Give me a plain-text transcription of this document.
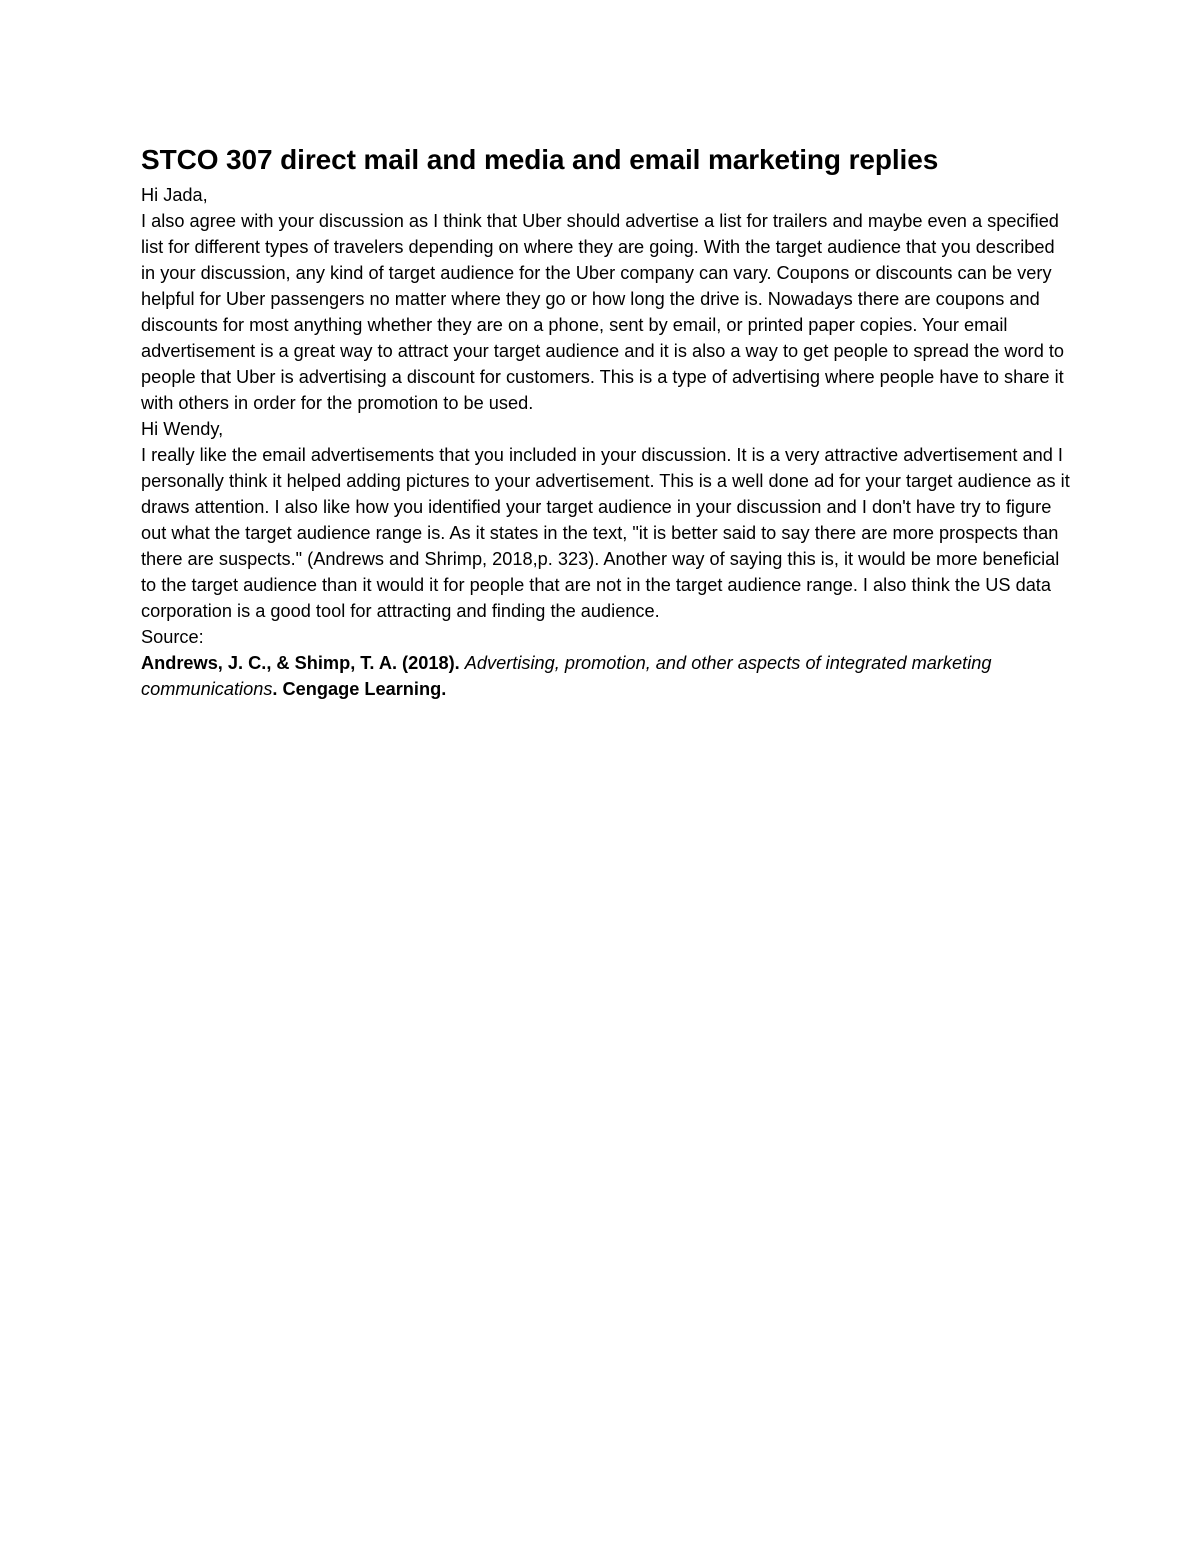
STCO 307 direct mail and media and email marketing replies

Hi Jada,

I also agree with your discussion as I think that Uber should advertise a list for trailers and maybe even a specified list for different types of travelers depending on where they are going. With the target audience that you described in your discussion, any kind of target audience for the Uber company can vary. Coupons or discounts can be very helpful for Uber passengers no matter where they go or how long the drive is. Nowadays there are coupons and discounts for most anything whether they are on a phone, sent by email, or printed paper copies. Your email advertisement is a great way to attract your target audience and it is also a way to get people to spread the word to people that Uber is advertising a discount for customers. This is a type of advertising where people have to share it with others in order for the promotion to be used.

Hi Wendy,

I really like the email advertisements that you included in your discussion. It is a very attractive advertisement and I personally think it helped adding pictures to your advertisement. This is a well done ad for your target audience as it draws attention. I also like how you identified your target audience in your discussion and I don't have try to figure out what the target audience range is. As it states in the text, "it is better said to say there are more prospects than there are suspects." (Andrews and Shrimp, 2018,p. 323). Another way of saying this is, it would be more beneficial to the target audience than it would it for people that are not in the target audience range. I also think the US data corporation is a good tool for attracting and finding the audience.

Source:

Andrews, J. C., & Shimp, T. A. (2018). Advertising, promotion, and other aspects of integrated marketing communications. Cengage Learning.
